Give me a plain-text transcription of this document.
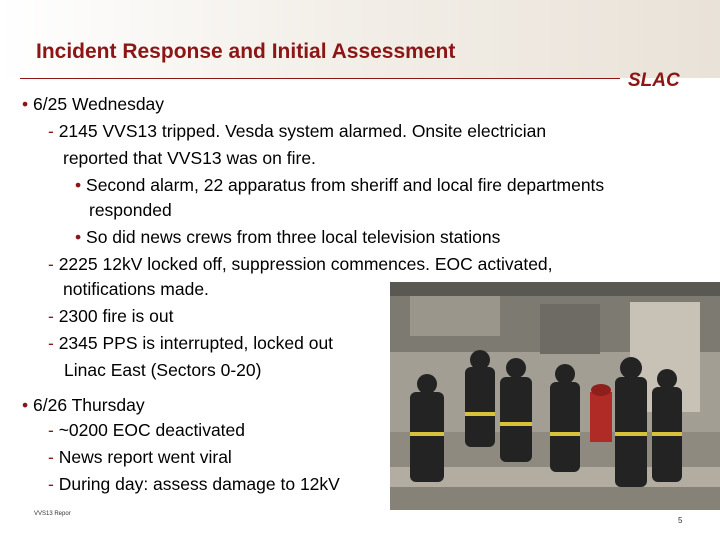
Incident Response and Initial Assessment
SLAC
• 6/25 Wednesday
- 2145 VVS13 tripped. Vesda system alarmed. Onsite electrician
reported that VVS13 was on fire.
• Second alarm, 22 apparatus from sheriff and local fire departments
responded
• So did news crews from three local television stations
- 2225 12kV locked off, suppression commences. EOC activated,
notifications made.
- 2300 fire is out
- 2345 PPS is interrupted, locked out
Linac East (Sectors 0-20)
• 6/26 Thursday
- ~0200 EOC deactivated
- News report went viral
- During day: assess damage to 12kV
VVS13 Repor
5
